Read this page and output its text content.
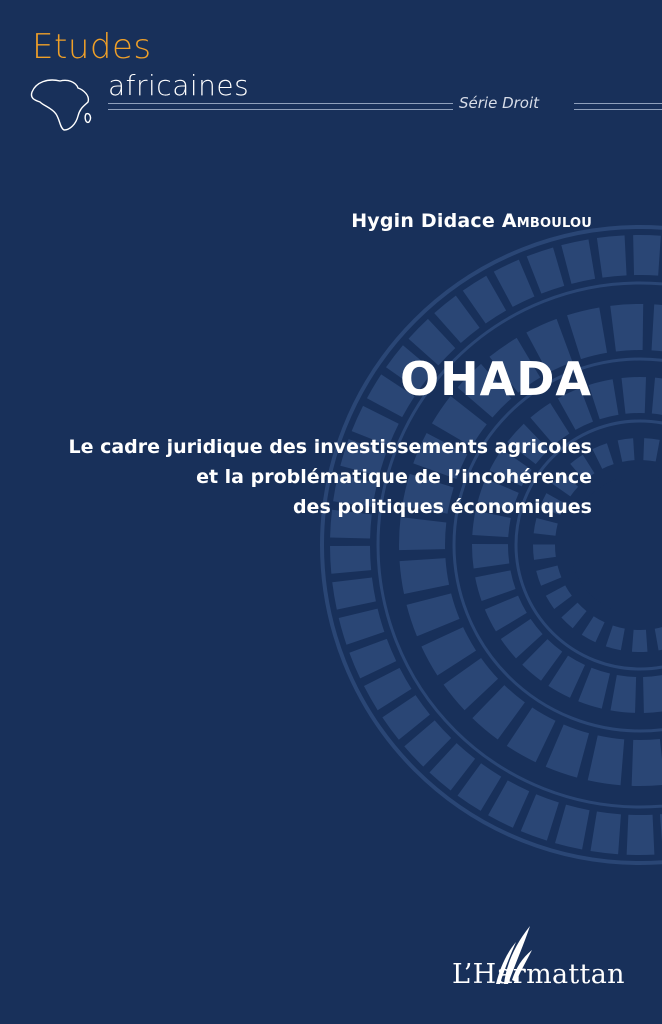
Etudes
africaines
Série Droit
Hygin Didace Amboulou
OHADA
Le cadre juridique des investissements agricoles
et la problématique de l’incohérence
des politiques économiques
L’Harmattan
